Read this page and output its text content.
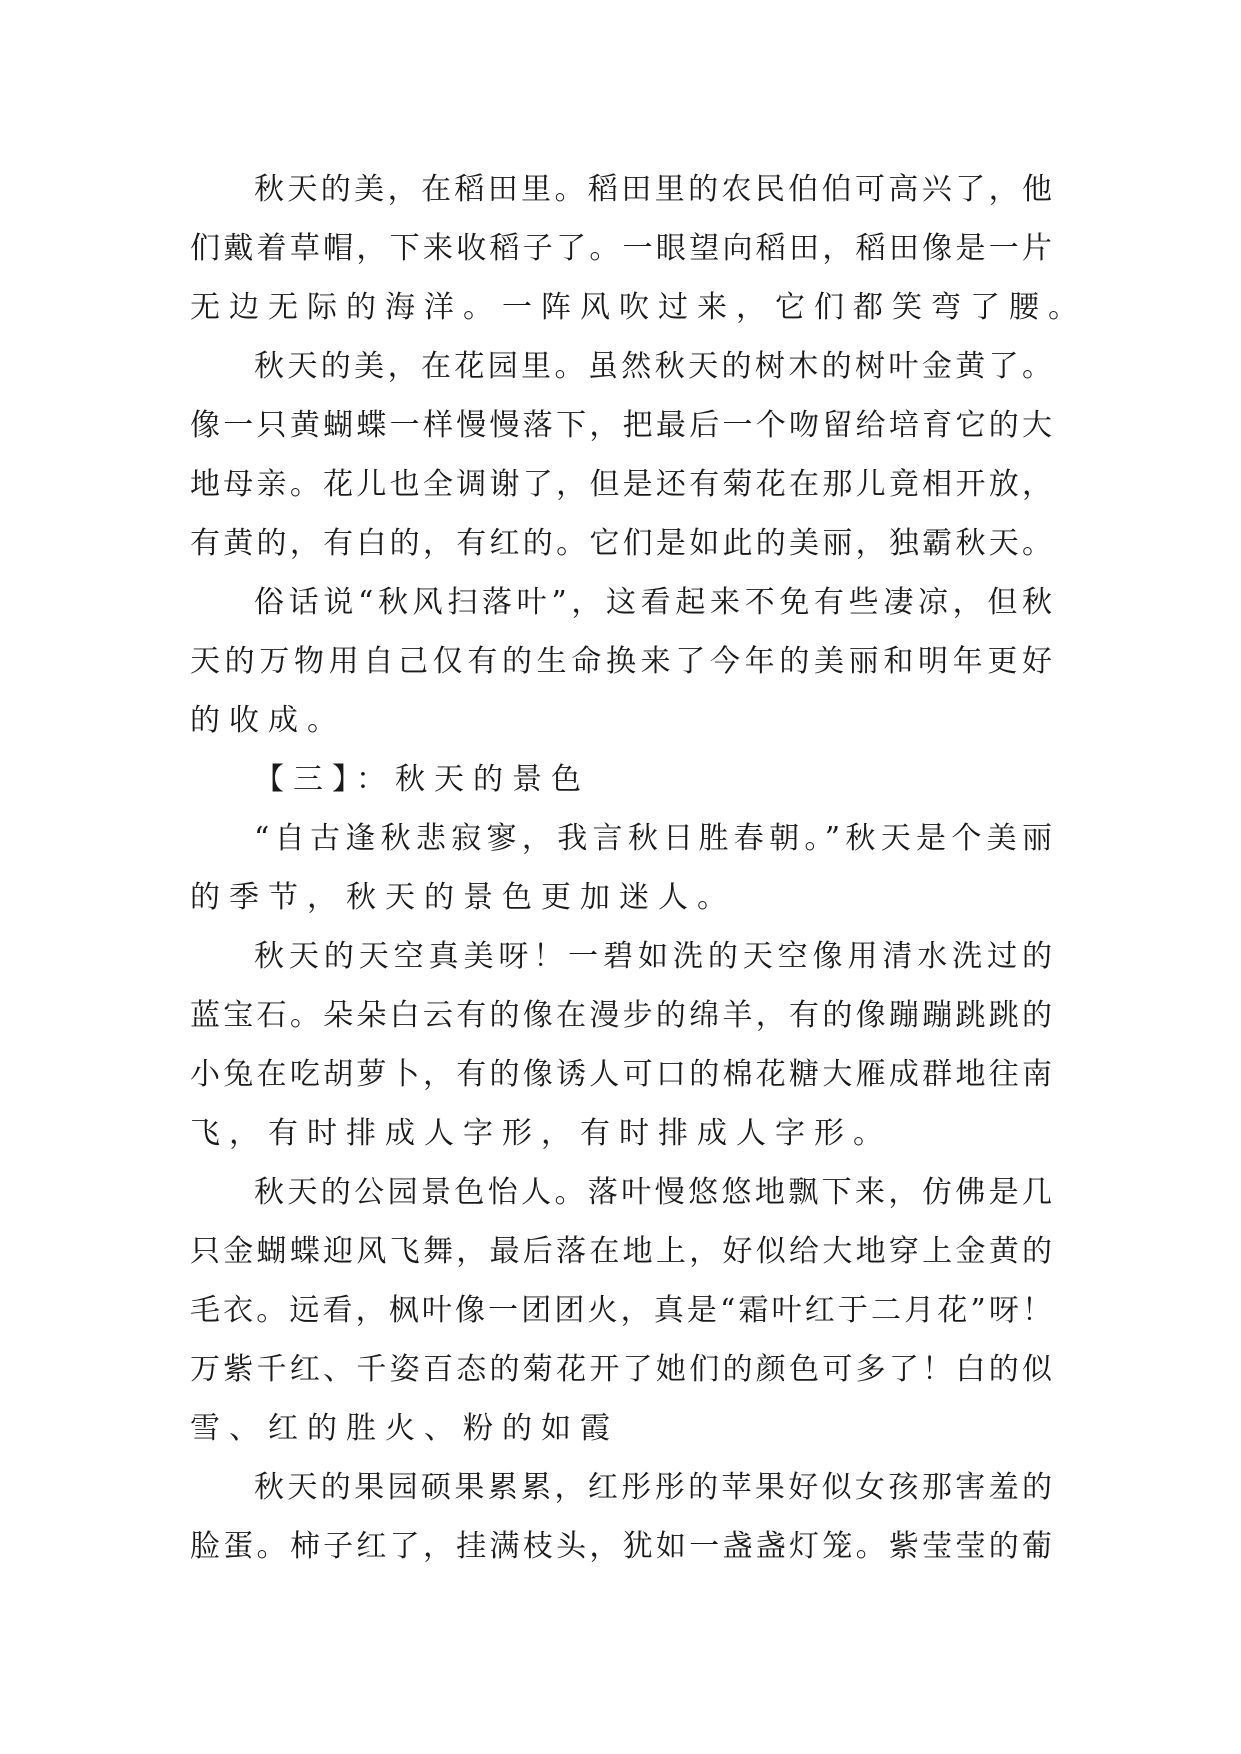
秋天的美，在稻田里。稻田里的农民伯伯可高兴了，他
们戴着草帽，下来收稻子了。一眼望向稻田，稻田像是一片
无边无际的海洋。一阵风吹过来，它们都笑弯了腰。
秋天的美，在花园里。虽然秋天的树木的树叶金黄了。
像一只黄蝴蝶一样慢慢落下，把最后一个吻留给培育它的大
地母亲。花儿也全调谢了，但是还有菊花在那儿竟相开放，
有黄的，有白的，有红的。它们是如此的美丽，独霸秋天。
俗话说“秋风扫落叶”，这看起来不免有些凄凉，但秋
天的万物用自己仅有的生命换来了今年的美丽和明年更好
的收成。
【三】：秋天的景色
“自古逢秋悲寂寥，我言秋日胜春朝。”秋天是个美丽
的季节，秋天的景色更加迷人。
秋天的天空真美呀！一碧如洗的天空像用清水洗过的
蓝宝石。朵朵白云有的像在漫步的绵羊，有的像蹦蹦跳跳的
小兔在吃胡萝卜，有的像诱人可口的棉花糖大雁成群地往南
飞，有时排成人字形，有时排成人字形。
秋天的公园景色怡人。落叶慢悠悠地飘下来，仿佛是几
只金蝴蝶迎风飞舞，最后落在地上，好似给大地穿上金黄的
毛衣。远看，枫叶像一团团火，真是“霜叶红于二月花”呀！
万紫千红、千姿百态的菊花开了她们的颜色可多了！白的似
雪、红的胜火、粉的如霞
秋天的果园硕果累累，红彤彤的苹果好似女孩那害羞的
脸蛋。柿子红了，挂满枝头，犹如一盏盏灯笼。紫莹莹的葡
